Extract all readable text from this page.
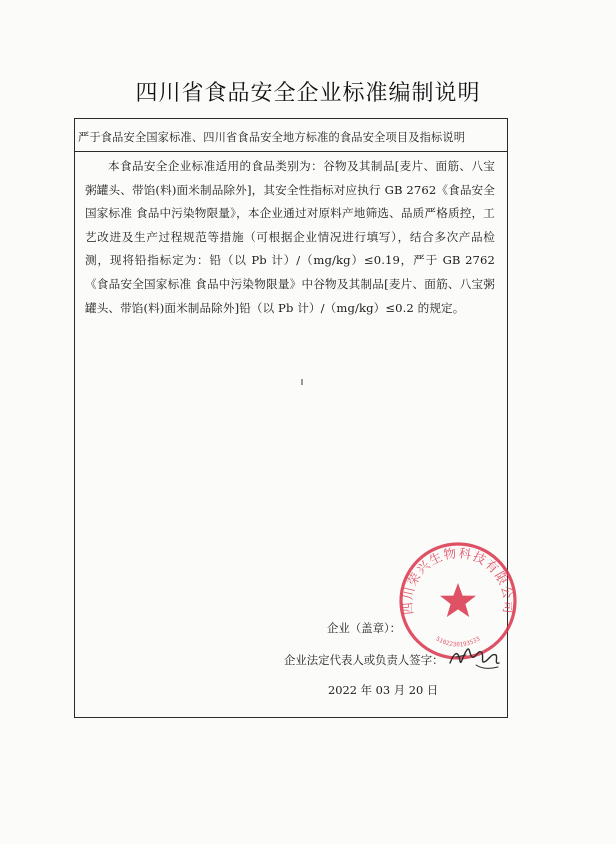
四川省食品安全企业标准编制说明
严于食品安全国家标准、四川省食品安全地方标准的食品安全项目及指标说明
本食品安全企业标准适用的食品类别为：谷物及其制品[麦片、面筋、八宝粥罐头、带馅(料)面米制品除外]，其安全性指标对应执行 GB 2762《食品安全国家标准 食品中污染物限量》，本企业通过对原料产地筛选、品质严格质控，工艺改进及生产过程规范等措施（可根据企业情况进行填写），结合多次产品检测，现将铅指标定为：铅（以 Pb 计）/（mg/kg）≤0.19，严于 GB 2762《食品安全国家标准 食品中污染物限量》中谷物及其制品[麦片、面筋、八宝粥罐头、带馅(料)面米制品除外]铅（以 Pb 计）/（mg/kg）≤0.2 的规定。
四川荣兴生物科技有限公司
5102230193533
企业（盖章）：
企业法定代表人或负责人签字：
2022 年 03 月 20 日
